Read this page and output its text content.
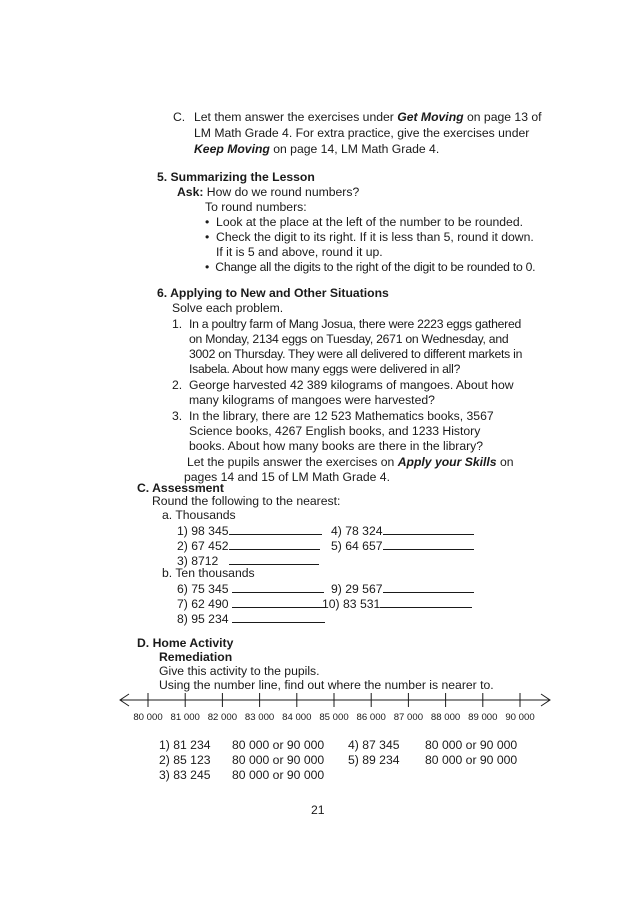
C. Let them answer the exercises under Get Moving on page 13 of
LM Math Grade 4. For extra practice, give the exercises under
Keep Moving on page 14, LM Math Grade 4.
5. Summarizing the Lesson
Ask: How do we round numbers?
To round numbers:
•  Look at the place at the left of the number to be rounded.
•  Check the digit to its right. If it is less than 5, round it down.
If it is 5 and above, round it up.
•  Change all the digits to the right of the digit to be rounded to 0.
6. Applying to New and Other Situations
Solve each problem.
1. In a poultry farm of Mang Josua, there were 2223 eggs gathered
on Monday, 2134 eggs on Tuesday, 2671 on Wednesday, and
3002 on Thursday. They were all delivered to different markets in
Isabela. About how many eggs were delivered in all?
2. George harvested 42 389 kilograms of mangoes. About how
many kilograms of mangoes were harvested?
3. In the library, there are 12 523 Mathematics books, 3567
Science books, 4267 English books, and 1233 History
books. About how many books are there in the library?
Let the pupils answer the exercises on Apply your Skills on
pages 14 and 15 of LM Math Grade 4.
C. Assessment
Round the following to the nearest:
a. Thousands
1) 98 345	4) 78 324
2) 67 452	5) 64 657
3) 8712
b. Ten thousands
6) 75 345	9) 29 567
7) 62 490	10) 83 531
8) 95 234
D. Home Activity
Remediation
Give this activity to the pupils.
Using the number line, find out where the number is nearer to.
80 000 81 000 82 000 83 000 84 000 85 000 86 000 87 000 88 000 89 000 90 000
1) 81 234 80 000 or 90 000
2) 85 123 80 000 or 90 000
3) 83 245 80 000 or 90 000
4) 87 345 80 000 or 90 000
5) 89 234 80 000 or 90 000
21
